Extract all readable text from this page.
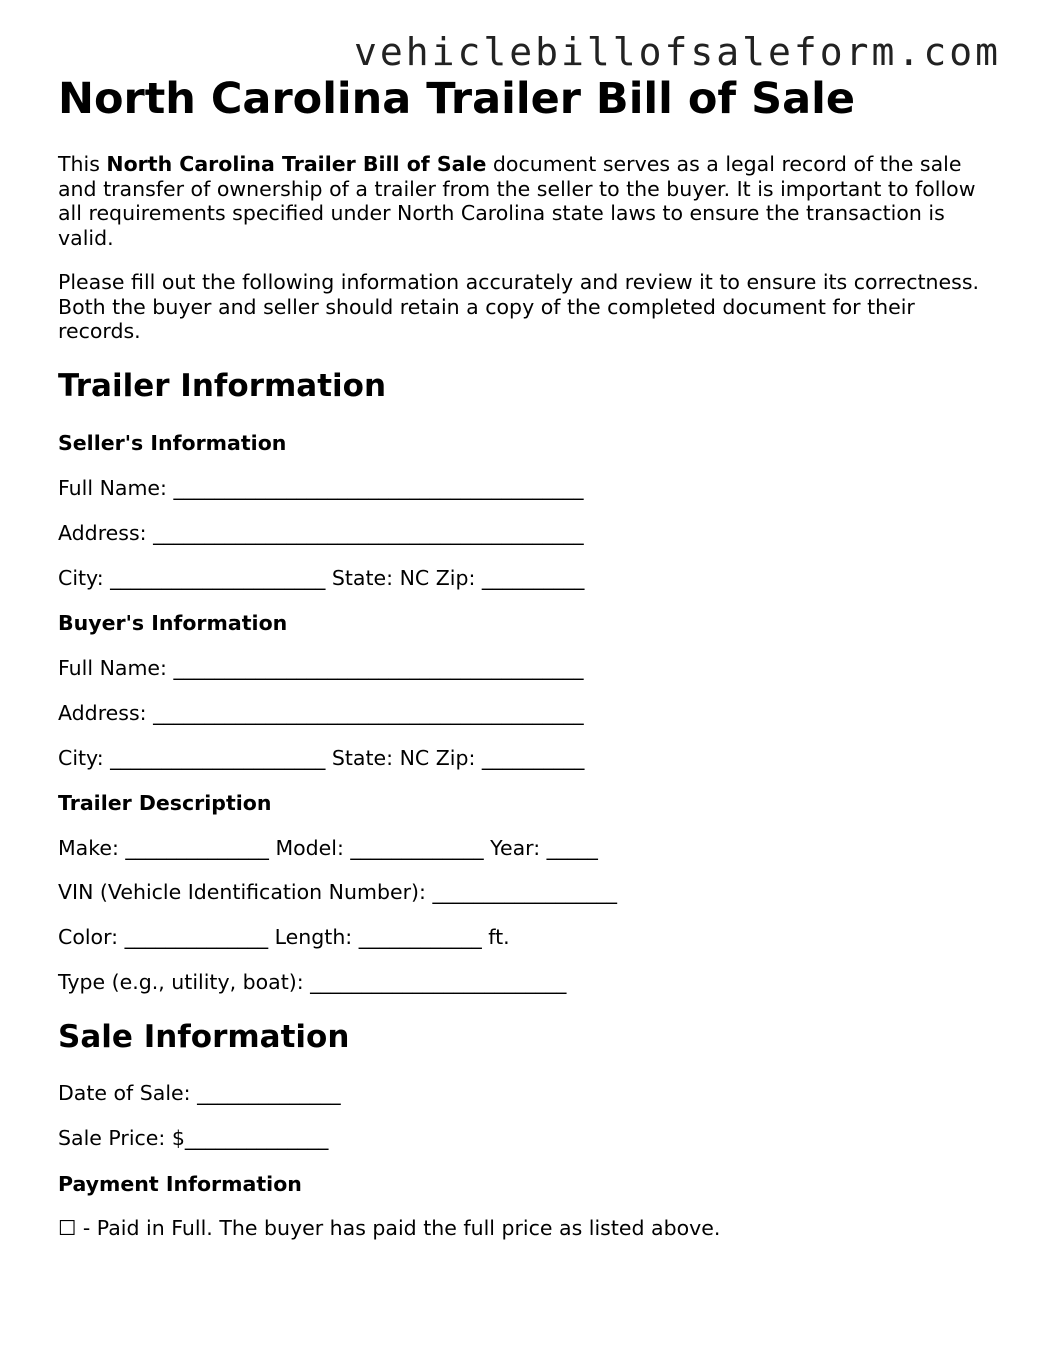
vehiclebillofsaleform.com
North Carolina Trailer Bill of Sale

This North Carolina Trailer Bill of Sale document serves as a legal record of the sale and transfer of ownership of a trailer from the seller to the buyer. It is important to follow all requirements specified under North Carolina state laws to ensure the transaction is valid.

Please fill out the following information accurately and review it to ensure its correctness. Both the buyer and seller should retain a copy of the completed document for their records.

Trailer Information
Seller's Information

Full Name: ________________________________________

Address: __________________________________________

City: _____________________ State: NC Zip: __________

Buyer's Information

Full Name: ________________________________________

Address: __________________________________________

City: _____________________ State: NC Zip: __________

Trailer Description

Make: ______________ Model: _____________ Year: _____

VIN (Vehicle Identification Number): __________________

Color: ______________ Length: ____________ ft.

Type (e.g., utility, boat): _________________________

Sale Information

Date of Sale: ______________

Sale Price: $______________

Payment Information

☐ - Paid in Full. The buyer has paid the full price as listed above.
